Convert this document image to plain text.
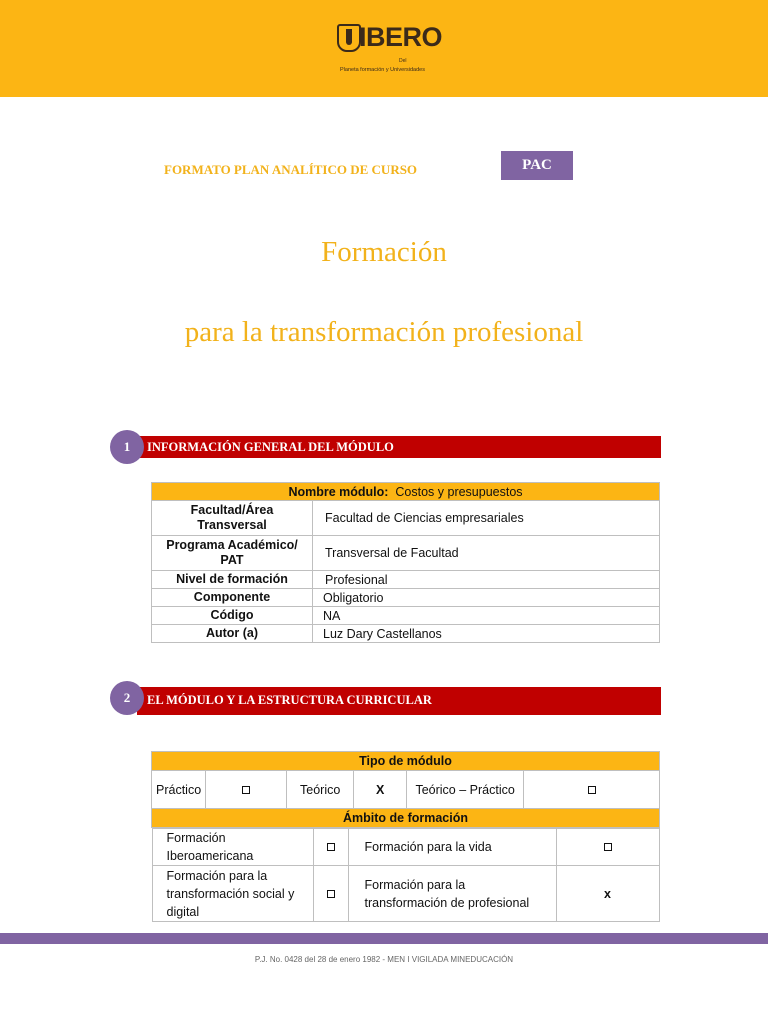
IBERO
Del
Planeta formación y Universidades
FORMATO PLAN ANALÍTICO DE CURSO	PAC
Formación
para la transformación profesional
INFORMACIÓN GENERAL DEL MÓDULO
1
Nombre módulo: Costos y presupuestos	
Facultad/Área Transversal	Facultad de Ciencias empresariales
Programa Académico/ PAT	Transversal de Facultad
Nivel de formación	Profesional
Componente	Obligatorio
Código	NA
Autor (a)	Luz Dary Castellanos
EL MÓDULO Y LA ESTRUCTURA CURRICULAR
2
Tipo de módulo
Práctico		Teórico	X	Teórico – Práctico	
Ámbito de formación

Formación Iberoamericana		Formación para la vida	
Formación para la transformación social y digital		Formación para la transformación de profesional	x
P.J. No. 0428 del 28 de enero 1982 - MEN I VIGILADA MINEDUCACIÓN
